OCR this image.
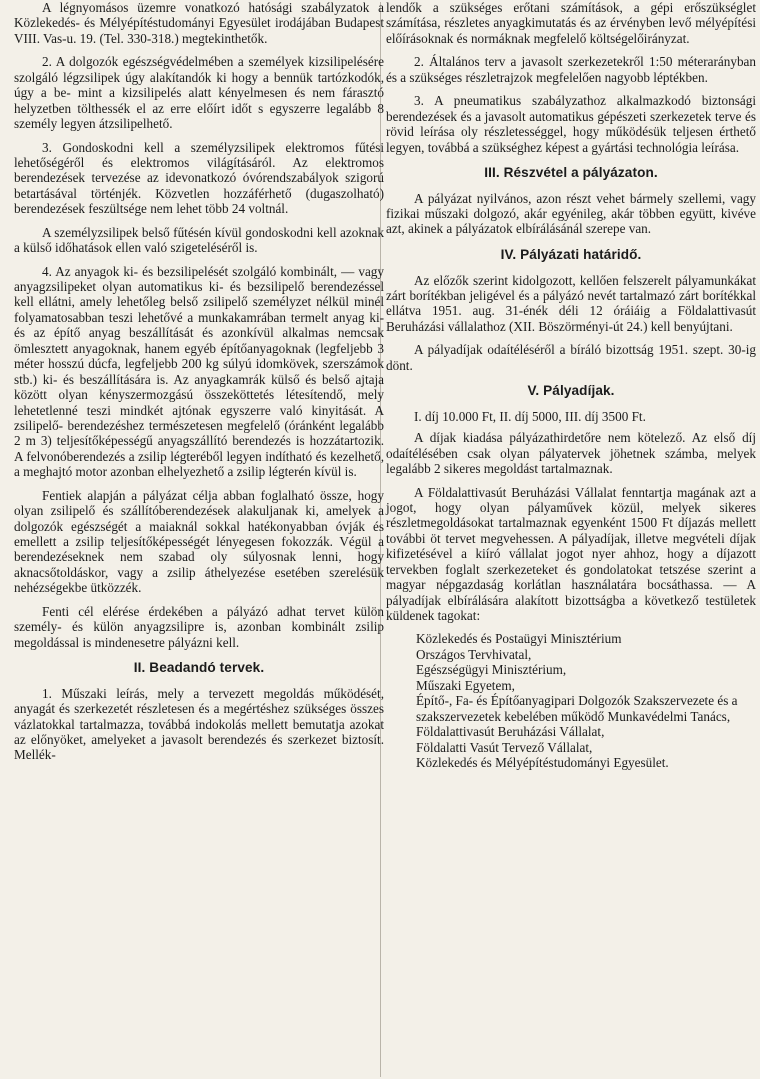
A légnyomásos üzemre vonatkozó hatósági szabályzatok a Közlekedés- és Mélyépítéstudományi Egyesület irodájában Budapest VIII. Vas-u. 19. (Tel. 330-318.) megtekinthetők.

2. A dolgozók egészségvédelmében a személyek kizsilipelésére szolgáló légzsilipek úgy alakítandók ki hogy a bennük tartózkodók, úgy a be- mint a kizsilipelés alatt kényelmesen és nem fárasztó helyzetben tölthessék el az erre előírt időt s egyszerre legalább 8 személy legyen átzsilipelhető.

3. Gondoskodni kell a személyzsilipek elektromos fűtési lehetőségéről és elektromos világításáról. Az elektromos berendezések tervezése az idevonatkozó óvórendszabályok szigorú betartásával történjék. Közvetlen hozzáférhető (dugaszolható) berendezések feszültsége nem lehet több 24 voltnál.

A személyzsilipek belső fűtésén kívül gondoskodni kell azoknak a külső időhatások ellen való szigeteléséről is.

4. Az anyagok ki- és bezsilipelését szolgáló kombinált, — vagy anyagzsilipeket olyan automatikus ki- és bezsilipelő berendezéssel kell ellátni, amely lehetőleg belső zsilipelő személyzet nélkül minél folyamatosabban teszi lehetővé a munkakamrában termelt anyag ki- és az építő anyag beszállítását és azonkívül alkalmas nemcsak ömlesztett anyagoknak, hanem egyéb építőanyagoknak (legfeljebb 3 méter hosszú dúcfa, legfeljebb 200 kg súlyú idomkövek, szerszámok stb.) ki- és beszállítására is. Az anyagkamrák külső és belső ajtaja között olyan kényszermozgású összeköttetés létesítendő, mely lehetetlenné teszi mindkét ajtónak egyszerre való kinyitását. A zsilipelő- berendezéshez természetesen megfelelő (óránként legalább 2 m 3) teljesítőképességű anyagszállító berendezés is hozzátartozik. A felvonóberendezés a zsilip légteréből legyen indítható és kezelhető, a meghajtó motor azonban elhelyezhető a zsilip légterén kívül is.

Fentiek alapján a pályázat célja abban foglalható össze, hogy olyan zsilipelő és szállítóberendezések alakuljanak ki, amelyek a dolgozók egészségét a maiaknál sokkal hatékonyabban óvják és emellett a zsilip teljesítőképességét lényegesen fokozzák. Végül a berendezéseknek nem szabad oly súlyosnak lenni, hogy aknacsőtoldáskor, vagy a zsilip áthelyezése esetében szerelésük nehézségekbe ütközzék.

Fenti cél elérése érdekében a pályázó adhat tervet külön személy- és külön anyagzsilipre is, azonban kombinált zsilip megoldással is mindenesetre pályázni kell.

II. Beadandó tervek.

1. Műszaki leírás, mely a tervezett megoldás működését, anyagát és szerkezetét részletesen és a megértéshez szükséges összes vázlatokkal tartalmazza, továbbá indokolás mellett bemutatja azokat az előnyöket, amelyeket a javasolt berendezés és szerkezet biztosít. Mellék-

lendők a szükséges erőtani számítások, a gépi erőszükséglet számítása, részletes anyagkimutatás és az érvényben levő mélyépítési előírásoknak és normáknak megfelelő költségelőirányzat.

2. Általános terv a javasolt szerkezetekről 1:50 méterarányban és a szükséges részletrajzok megfelelően nagyobb léptékben.

3. A pneumatikus szabályzathoz alkalmazkodó biztonsági berendezések és a javasolt automatikus gépészeti szerkezetek terve és rövid leírása oly részletességgel, hogy működésük teljesen érthető legyen, továbbá a szükséghez képest a gyártási technológia leírása.

III. Részvétel a pályázaton.

A pályázat nyilvános, azon részt vehet bármely szellemi, vagy fizikai műszaki dolgozó, akár egyénileg, akár többen együtt, kivéve azt, akinek a pályázatok elbírálásánál szerepe van.

IV. Pályázati határidő.

Az előzők szerint kidolgozott, kellően felszerelt pályamunkákat zárt borítékban jeligével és a pályázó nevét tartalmazó zárt borítékkal ellátva 1951. aug. 31-énék déli 12 óráiáig a Földalattivasút Beruházási vállalathoz (XII. Böszörményi-út 24.) kell benyújtani.

A pályadíjak odaítéléséről a bíráló bizottság 1951. szept. 30-ig dönt.

V. Pályadíjak.

I. díj 10.000 Ft, II. díj 5000, III. díj 3500 Ft.

A díjak kiadása pályázathirdetőre nem kötelező. Az első díj odaítélésében csak olyan pályatervek jöhetnek számba, melyek legalább 2 sikeres megoldást tartalmaznak.

A Földalattivasút Beruházási Vállalat fenntartja magának azt a jogot, hogy olyan pályaművek közül, melyek sikeres részletmegoldásokat tartalmaznak egyenként 1500 Ft díjazás mellett további öt tervet megvehessen. A pályadíjak, illetve megvételi díjak kifizetésével a kiíró vállalat jogot nyer ahhoz, hogy a díjazott tervekben foglalt szerkezeteket és gondolatokat tetszése szerint a magyar népgazdaság korlátlan használatára bocsáthassa. — A pályadíjak elbírálására alakított bizottságba a következő testületek küldenek tagokat:

Közlekedés és Postaügyi Minisztérium
Országos Tervhivatal,
Egészségügyi Minisztérium,
Műszaki Egyetem,
Építő-, Fa- és Építőanyagipari Dolgozók Szakszervezete és a szakszervezetek kebelében működő Munkavédelmi Tanács,
Földalattivasút Beruházási Vállalat,
Földalatti Vasút Tervező Vállalat,
Közlekedés és Mélyépítéstudományi Egyesület.
